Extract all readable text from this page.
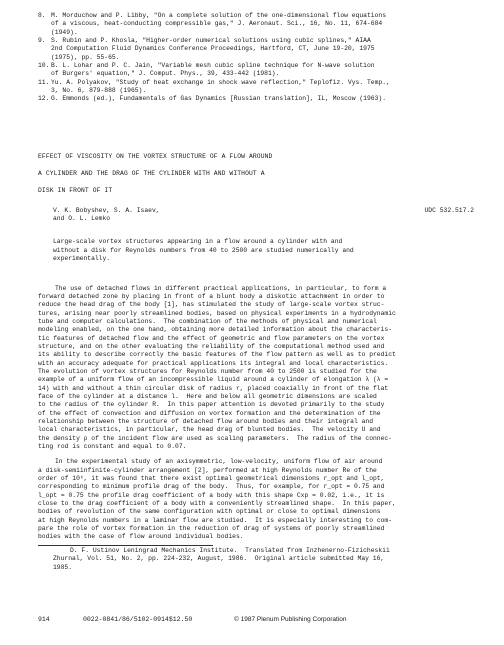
8. M. Morduchow and P. Libby, "On a complete solution of the one-dimensional flow equations
of a viscous, heat-conducting compressible gas," J. Aeronaut. Sci., 16, No. 11, 674-684
(1949).
9. S. Rubin and P. Khosla, "Higher-order numerical solutions using cubic splines," AIAA
2nd Computation Fluid Dynamics Conference Proceedings, Hartford, CT, June 19-20, 1975
(1975), pp. 55-65.
10. B. L. Lohar and P. C. Jain, "Variable mesh cubic spline technique for N-wave solution
of Burgers' equation," J. Comput. Phys., 39, 433-442 (1981).
11. Yu. A. Polyakov, "Study of heat exchange in shock wave reflection," Teplofiz. Vys. Temp.,
3, No. 6, 879-888 (1965).
12. G. Emmonds (ed.), Fundamentals of Gas Dynamics [Russian translation], IL, Moscow (1963).
EFFECT OF VISCOSITY ON THE VORTEX STRUCTURE OF A FLOW AROUND
A CYLINDER AND THE DRAG OF THE CYLINDER WITH AND WITHOUT A
DISK IN FRONT OF IT
V. K. Bobyshev, S. A. Isaev,
and O. L. Lemko
UDC 532.517.2
Large-scale vortex structures appearing in a flow around a cylinder with and
without a disk for Reynolds numbers from 40 to 2500 are studied numerically and
experimentally.
The use of detached flows in different practical applications, in particular, to form a
forward detached zone by placing in front of a blunt body a diskotic attachment in order to
reduce the head drag of the body [1], has stimulated the study of large-scale vortex struc-
tures, arising near poorly streamlined bodies, based on physical experiments in a hydrodynamic
tube and computer calculations.  The combination of the methods of physical and numerical
modeling enabled, on the one hand, obtaining more detailed information about the characteris-
tic features of detached flow and the effect of geometric and flow parameters on the vortex
structure, and on the other evaluating the reliability of the computational method used and
its ability to describe correctly the basic features of the flow pattern as well as to predict
with an accuracy adequate for practical applications its integral and local characteristics.
The evolution of vortex structures for Reynolds number from 40 to 2500 is studied for the
example of a uniform flow of an incompressible liquid around a cylinder of elongation λ (λ =
14) with and without a thin circular disk of radius r, placed coaxially in front of the flat
face of the cylinder at a distance l.  Here and below all geometric dimensions are scaled
to the radius of the cylinder R.  In this paper attention is devoted primarily to the study
of the effect of convection and diffusion on vortex formation and the determination of the
relationship between the structure of detached flow around bodies and their integral and
local characteristics, in particular, the head drag of blunted bodies.  The velocity U and
the density ρ of the incident flow are used as scaling parameters.  The radius of the connec-
ting rod is constant and equal to 0.07.
In the experimental study of an axisymmetric, low-velocity, uniform flow of air around
a disk-semiinfinite-cylinder arrangement [2], performed at high Reynolds number Re of the
order of 10⁶, it was found that there exist optimal geometrical dimensions r_opt and l_opt,
corresponding to minimum profile drag of the body.  Thus, for example, for r_opt = 0.75 and
l_opt = 0.75 the profile drag coefficient of a body with this shape Cxp = 0.02, i.e., it is
close to the drag coefficient of a body with a conveniently streamlined shape.  In this paper,
bodies of revolution of the same configuration with optimal or close to optimal dimensions
at high Reynolds numbers in a laminar flow are studied.  It is especially interesting to com-
pare the role of vortex formation in the reduction of drag of systems of poorly streamlined
bodies with the case of flow around individual bodies.
D. F. Ustinov Leningrad Mechanics Institute.  Translated from Inzhenerno-Fizicheskii
Zhurnal, Vol. 51, No. 2, pp. 224-232, August, 1986.  Original article submitted May 16,
1985.
914	0022-0841/86/5102-0914$12.50	© 1987 Plenum Publishing Corporation
